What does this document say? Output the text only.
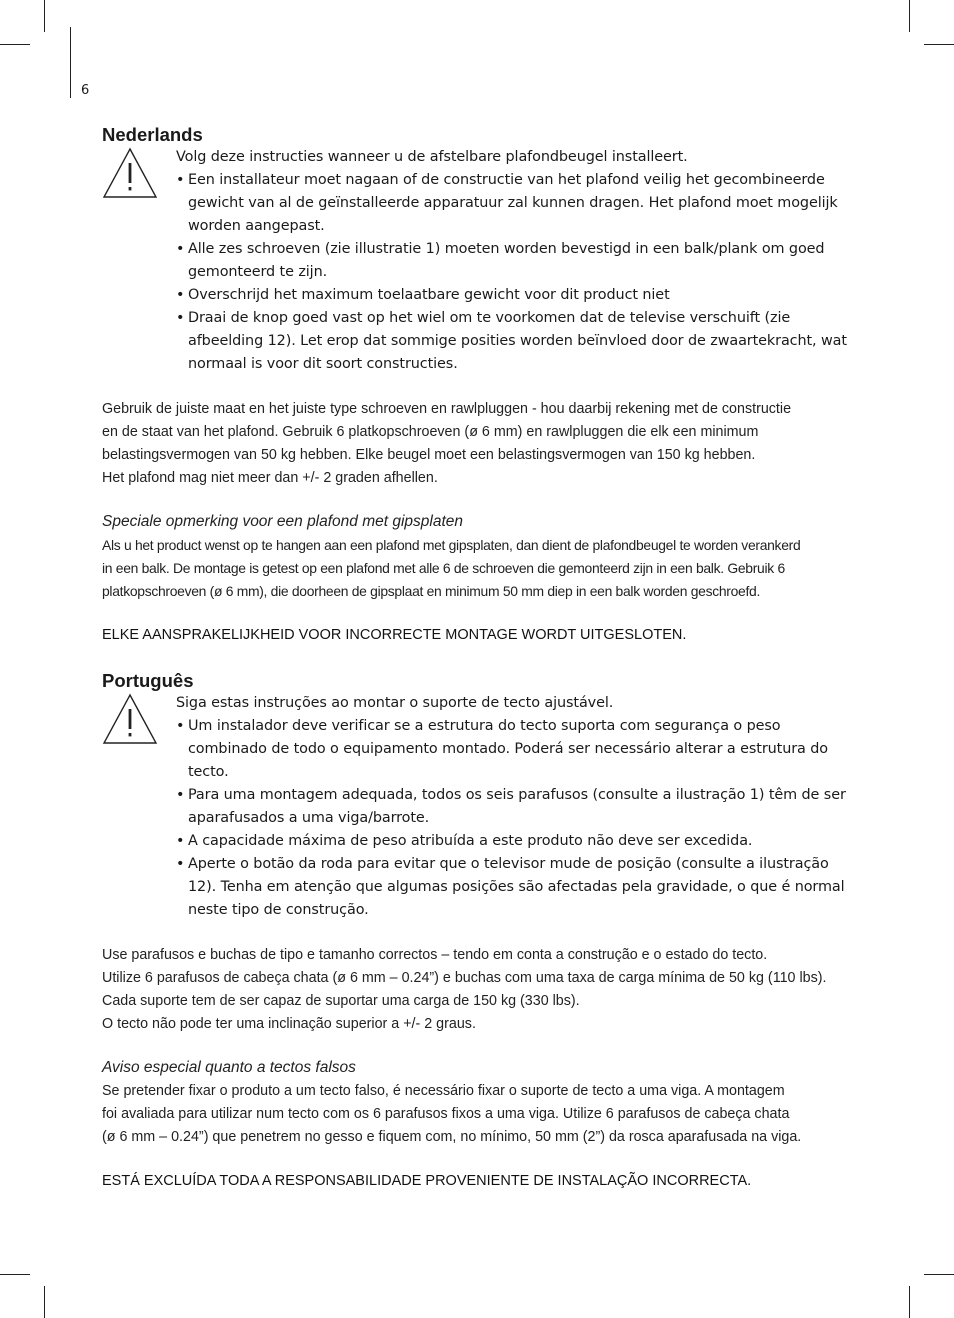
6
Nederlands
Volg deze instructies wanneer u de afstelbare plafondbeugel installeert.
• Een installateur moet nagaan of de constructie van het plafond veilig het gecombineerde gewicht van al de geïnstalleerde apparatuur zal kunnen dragen. Het plafond moet mogelijk worden aangepast.
• Alle zes schroeven (zie illustratie 1) moeten worden bevestigd in een balk/plank om goed gemonteerd te zijn.
• Overschrijd het maximum toelaatbare gewicht voor dit product niet
• Draai de knop goed vast op het wiel om te voorkomen dat de televise verschuift (zie afbeelding 12). Let erop dat sommige posities worden beïnvloed door de zwaartekracht, wat normaal is voor dit soort constructies.
Gebruik de juiste maat en het juiste type schroeven en rawlpluggen - hou daarbij rekening met de constructie
en de staat van het plafond. Gebruik 6 platkopschroeven (ø 6 mm) en rawlpluggen die elk een minimum
belastingsvermogen van 50 kg hebben. Elke beugel moet een belastingsvermogen van 150 kg hebben.
Het plafond mag niet meer dan +/- 2 graden afhellen.
Speciale opmerking voor een plafond met gipsplaten
Als u het product wenst op te hangen aan een plafond met gipsplaten, dan dient de plafondbeugel te worden verankerd
in een balk. De montage is getest op een plafond met alle 6 de schroeven die gemonteerd zijn in een balk. Gebruik 6
platkopschroeven (ø 6 mm), die doorheen de gipsplaat en minimum 50 mm diep in een balk worden geschroefd.
ELKE AANSPRAKELIJKHEID VOOR INCORRECTE MONTAGE WORDT UITGESLOTEN.
Português
Siga estas instruções ao montar o suporte de tecto ajustável.
• Um instalador deve verificar se a estrutura do tecto suporta com segurança o peso combinado de todo o equipamento montado. Poderá ser necessário alterar a estrutura do tecto.
• Para uma montagem adequada, todos os seis parafusos (consulte a ilustração 1) têm de ser aparafusados a uma viga/barrote.
• A capacidade máxima de peso atribuída a este produto não deve ser excedida.
• Aperte o botão da roda para evitar que o televisor mude de posição (consulte a ilustração 12). Tenha em atenção que algumas posições são afectadas pela gravidade, o que é normal neste tipo de construção.
Use parafusos e buchas de tipo e tamanho correctos – tendo em conta a construção e o estado do tecto.
Utilize 6 parafusos de cabeça chata (ø 6 mm – 0.24”) e buchas com uma taxa de carga mínima de 50 kg (110 lbs).
Cada suporte tem de ser capaz de suportar uma carga de 150 kg (330 lbs).
O tecto não pode ter uma inclinação superior a +/- 2 graus.
Aviso especial quanto a tectos falsos
Se pretender fixar o produto a um tecto falso, é necessário fixar o suporte de tecto a uma viga. A montagem
foi avaliada para utilizar num tecto com os 6 parafusos fixos a uma viga. Utilize 6 parafusos de cabeça chata
(ø 6 mm – 0.24”) que penetrem no gesso e fiquem com, no mínimo, 50 mm (2”) da rosca aparafusada na viga.
ESTÁ EXCLUÍDA TODA A RESPONSABILIDADE PROVENIENTE DE INSTALAÇÃO INCORRECTA.
